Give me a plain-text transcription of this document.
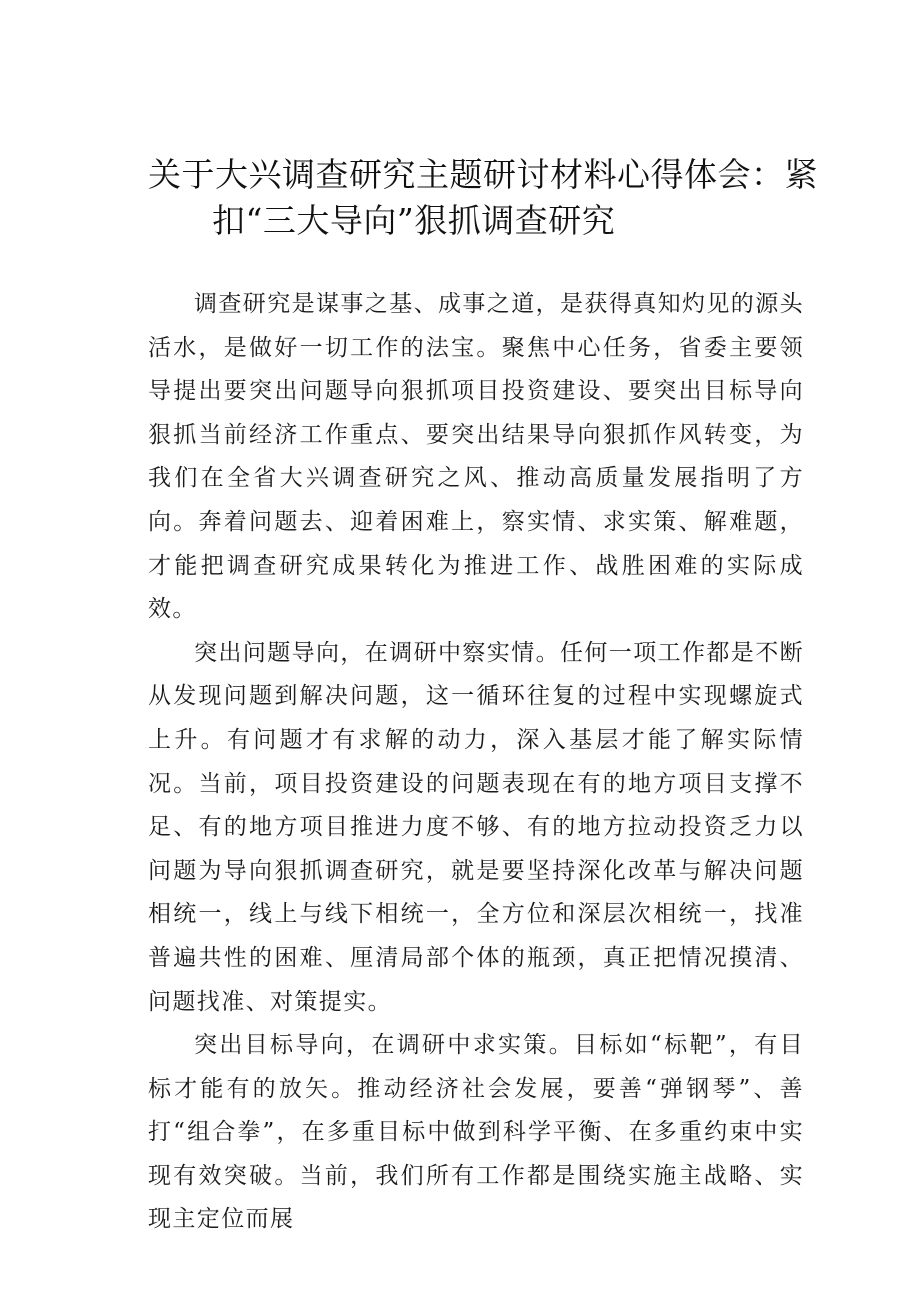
关于大兴调查研究主题研讨材料心得体会：紧
扣“三大导向”狠抓调查研究

调查研究是谋事之基、成事之道，是获得真知灼见的源头活水，是做好一切工作的法宝。聚焦中心任务，省委主要领导提出要突出问题导向狠抓项目投资建设、要突出目标导向狠抓当前经济工作重点、要突出结果导向狠抓作风转变，为我们在全省大兴调查研究之风、推动高质量发展指明了方向。奔着问题去、迎着困难上，察实情、求实策、解难题，才能把调查研究成果转化为推进工作、战胜困难的实际成效。

突出问题导向，在调研中察实情。任何一项工作都是不断从发现问题到解决问题，这一循环往复的过程中实现螺旋式上升。有问题才有求解的动力，深入基层才能了解实际情况。当前，项目投资建设的问题表现在有的地方项目支撑不足、有的地方项目推进力度不够、有的地方拉动投资乏力以问题为导向狠抓调查研究，就是要坚持深化改革与解决问题相统一，线上与线下相统一，全方位和深层次相统一，找准普遍共性的困难、厘清局部个体的瓶颈，真正把情况摸清、问题找准、对策提实。

突出目标导向，在调研中求实策。目标如“标靶”，有目标才能有的放矢。推动经济社会发展，要善“弹钢琴”、善打“组合拳”，在多重目标中做到科学平衡、在多重约束中实现有效突破。当前，我们所有工作都是围绕实施主战略、实现主定位而展
